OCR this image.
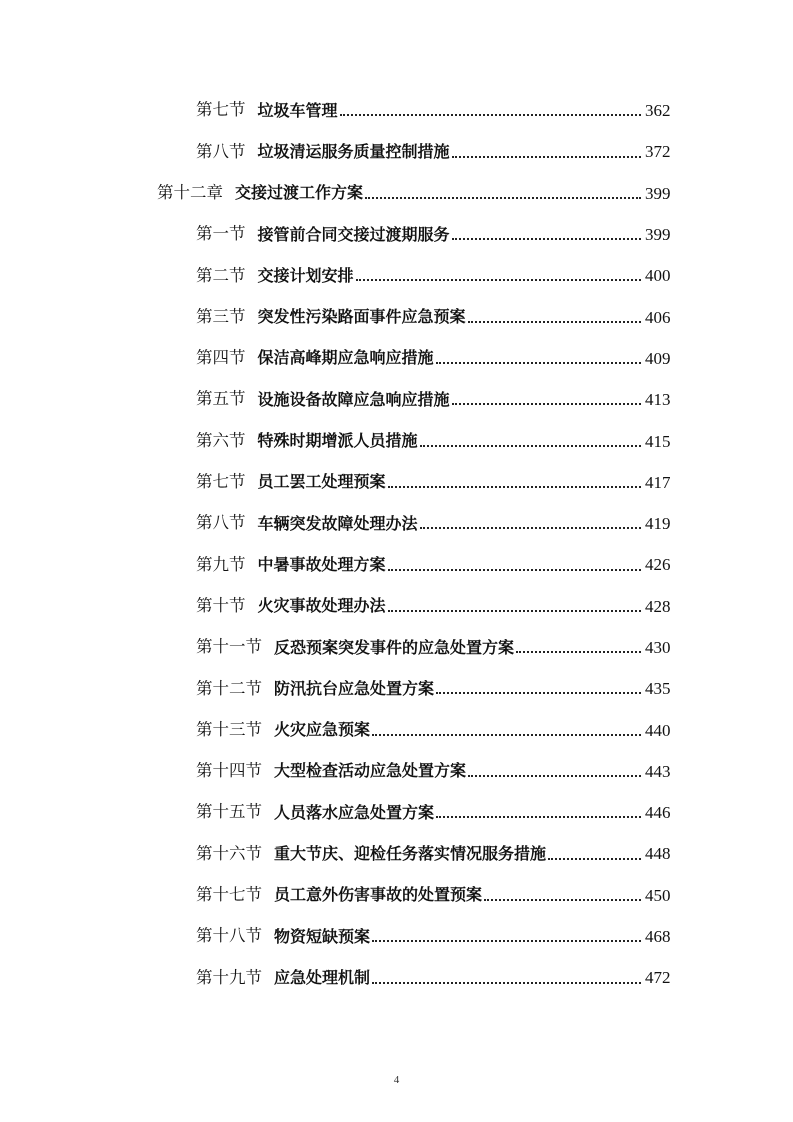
第七节 垃圾车管理	362
第八节 垃圾清运服务质量控制措施	372
第十二章 交接过渡工作方案	399
第一节 接管前合同交接过渡期服务	399
第二节 交接计划安排	400
第三节 突发性污染路面事件应急预案	406
第四节 保洁高峰期应急响应措施	409
第五节 设施设备故障应急响应措施	413
第六节 特殊时期增派人员措施	415
第七节 员工罢工处理预案	417
第八节 车辆突发故障处理办法	419
第九节 中暑事故处理方案	426
第十节 火灾事故处理办法	428
第十一节 反恐预案突发事件的应急处置方案	430
第十二节 防汛抗台应急处置方案	435
第十三节 火灾应急预案	440
第十四节 大型检查活动应急处置方案	443
第十五节 人员落水应急处置方案	446
第十六节 重大节庆、迎检任务落实情况服务措施	448
第十七节 员工意外伤害事故的处置预案	450
第十八节 物资短缺预案	468
第十九节 应急处理机制	472
4
